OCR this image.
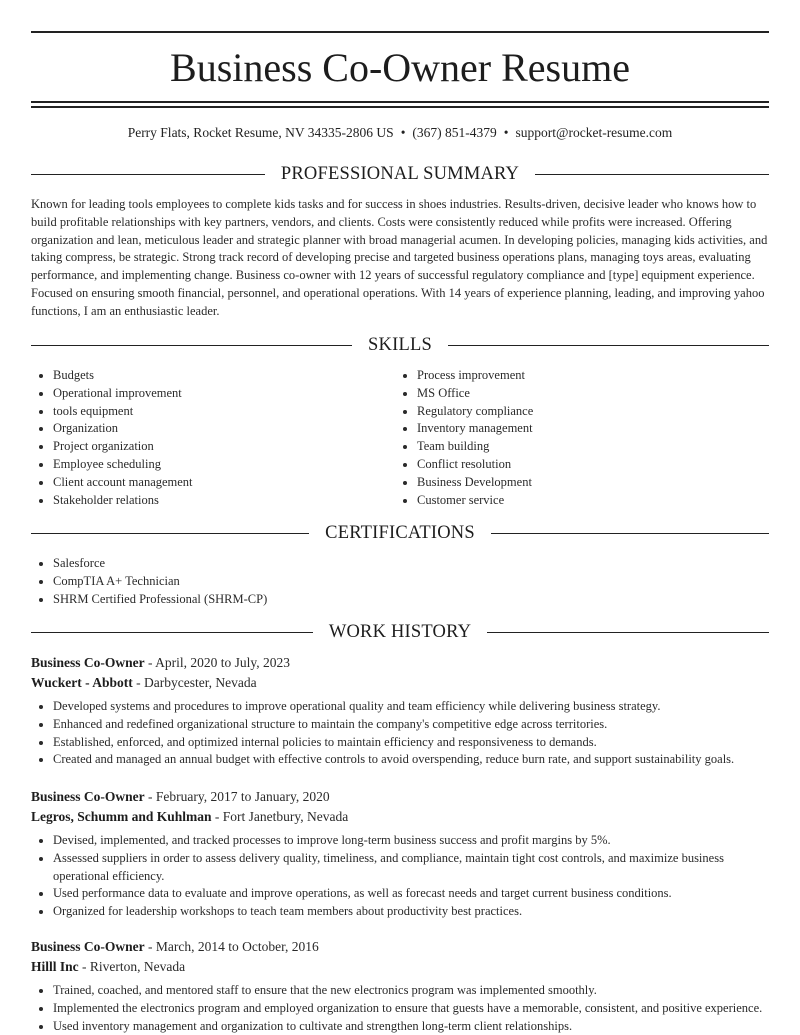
Business Co-Owner Resume
Perry Flats, Rocket Resume, NV 34335-2806 US • (367) 851-4379 • support@rocket-resume.com
PROFESSIONAL SUMMARY

Known for leading tools employees to complete kids tasks and for success in shoes industries. Results-driven, decisive leader who knows how to build profitable relationships with key partners, vendors, and clients. Costs were consistently reduced while profits were increased. Offering organization and lean, meticulous leader and strategic planner with broad managerial acumen. In developing policies, managing kids activities, and taking compress, be strategic. Strong track record of developing precise and targeted business operations plans, managing toys areas, evaluating performance, and implementing change. Business co-owner with 12 years of successful regulatory compliance and [type] equipment experience. Focused on ensuring smooth financial, personnel, and operational operations. With 14 years of experience planning, leading, and improving yahoo functions, I am an enthusiastic leader.

SKILLS
• Budgets
• Operational improvement
• tools equipment
• Organization
• Project organization
• Employee scheduling
• Client account management
• Stakeholder relations
• Process improvement
• MS Office
• Regulatory compliance
• Inventory management
• Team building
• Conflict resolution
• Business Development
• Customer service
CERTIFICATIONS
• Salesforce
• CompTIA A+ Technician
• SHRM Certified Professional (SHRM-CP)
WORK HISTORY
Business Co-Owner - April, 2020 to July, 2023
Wuckert - Abbott - Darbycester, Nevada
• Developed systems and procedures to improve operational quality and team efficiency while delivering business strategy.
• Enhanced and redefined organizational structure to maintain the company's competitive edge across territories.
• Established, enforced, and optimized internal policies to maintain efficiency and responsiveness to demands.
• Created and managed an annual budget with effective controls to avoid overspending, reduce burn rate, and support sustainability goals.
Business Co-Owner - February, 2017 to January, 2020
Legros, Schumm and Kuhlman - Fort Janetbury, Nevada
• Devised, implemented, and tracked processes to improve long-term business success and profit margins by 5%.
• Assessed suppliers in order to assess delivery quality, timeliness, and compliance, maintain tight cost controls, and maximize business operational efficiency.
• Used performance data to evaluate and improve operations, as well as forecast needs and target current business conditions.
• Organized for leadership workshops to teach team members about productivity best practices.
Business Co-Owner - March, 2014 to October, 2016
Hilll Inc - Riverton, Nevada
• Trained, coached, and mentored staff to ensure that the new electronics program was implemented smoothly.
• Implemented the electronics program and employed organization to ensure that guests have a memorable, consistent, and positive experience.
• Used inventory management and organization to cultivate and strengthen long-term client relationships.
